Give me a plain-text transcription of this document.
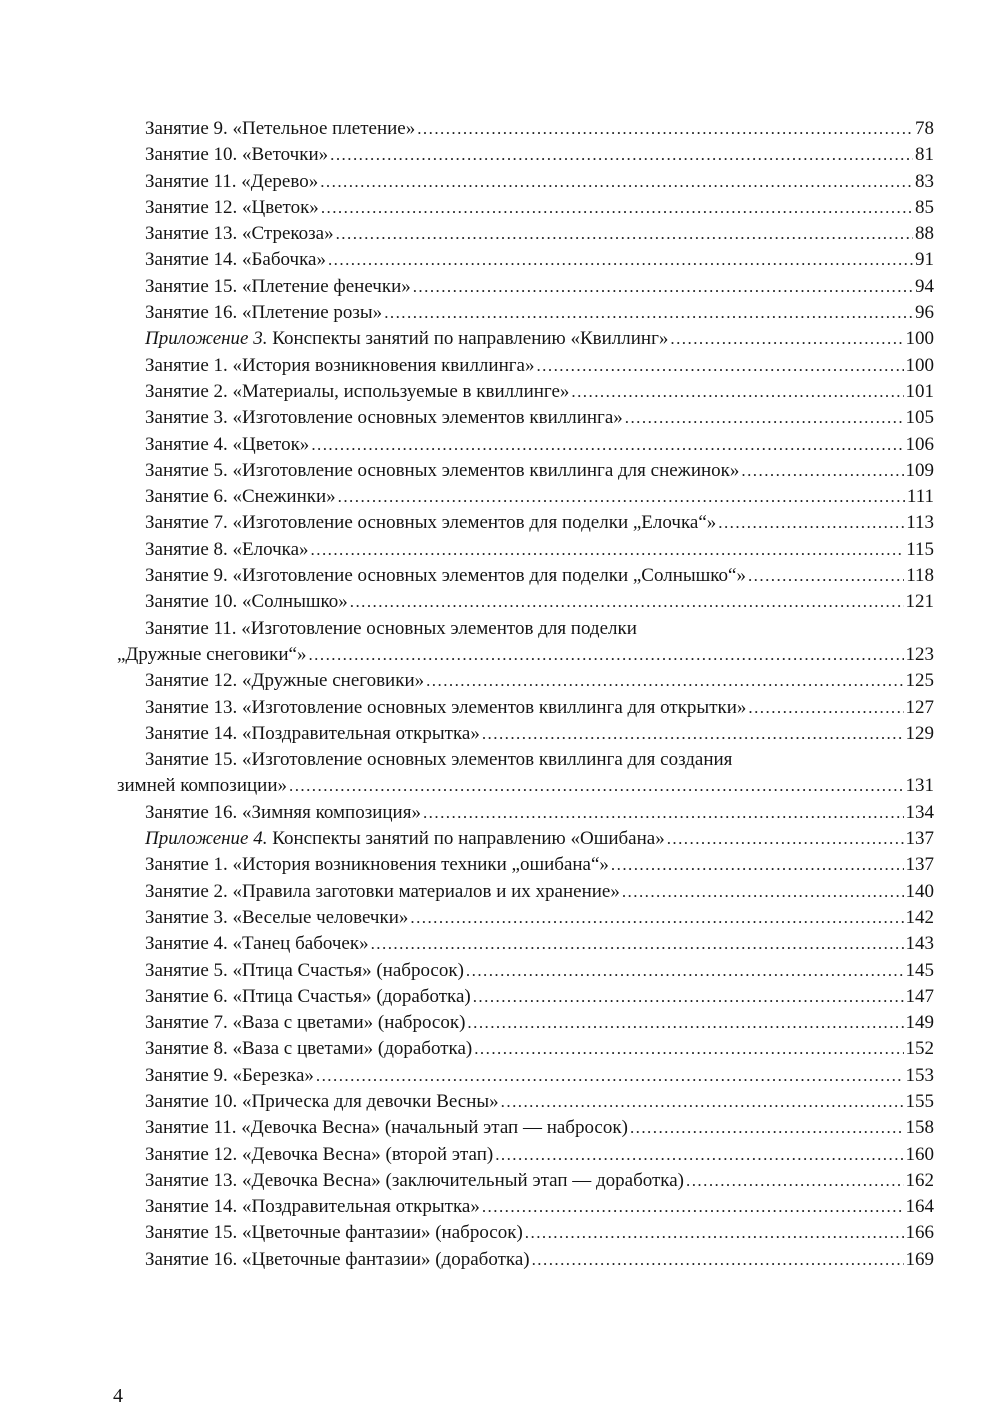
Занятие 9. «Петельное плетение» . . .	78
Занятие 10. «Веточки» . . .	81
Занятие 11. «Дерево» . . .	83
Занятие 12. «Цветок» . . .	85
Занятие 13. «Стрекоза» . . .	88
Занятие 14. «Бабочка» . . .	91
Занятие 15. «Плетение фенечки» . . .	94
Занятие 16. «Плетение розы» . . .	96
Приложение 3. Конспекты занятий по направлению «Квиллинг» . . .	100
Занятие 1. «История возникновения квиллинга» . . .	100
Занятие 2. «Материалы, используемые в квиллинге» . . .	101
Занятие 3. «Изготовление основных элементов квиллинга» . . .	105
Занятие 4. «Цветок» . . .	106
Занятие 5. «Изготовление основных элементов квиллинга для снежинок» . . .	109
Занятие 6. «Снежинки» . . .	111
Занятие 7. «Изготовление основных элементов для поделки „Елочка“» . . .	113
Занятие 8. «Елочка» . . .	115
Занятие 9. «Изготовление основных элементов для поделки „Солнышко“» . . .	118
Занятие 10. «Солнышко» . . .	121
Занятие 11. «Изготовление основных элементов для поделки
„Дружные снеговики“» . . .	123
Занятие 12. «Дружные снеговики» . . .	125
Занятие 13. «Изготовление основных элементов квиллинга для открытки» . . .	127
Занятие 14. «Поздравительная открытка» . . .	129
Занятие 15. «Изготовление основных элементов квиллинга для создания
зимней композиции» . . .	131
Занятие 16. «Зимняя композиция» . . .	134
Приложение 4. Конспекты занятий по направлению «Ошибана» . . .	137
Занятие 1. «История возникновения техники „ошибана“» . . .	137
Занятие 2. «Правила заготовки материалов и их хранение» . . .	140
Занятие 3. «Веселые человечки» . . .	142
Занятие 4. «Танец бабочек» . . .	143
Занятие 5. «Птица Счастья» (набросок) . . .	145
Занятие 6. «Птица Счастья» (доработка) . . .	147
Занятие 7. «Ваза с цветами» (набросок) . . .	149
Занятие 8. «Ваза с цветами» (доработка) . . .	152
Занятие 9. «Березка» . . .	153
Занятие 10. «Прическа для девочки Весны» . . .	155
Занятие 11. «Девочка Весна» (начальный этап — набросок) . . .	158
Занятие 12. «Девочка Весна» (второй этап) . . .	160
Занятие 13. «Девочка Весна» (заключительный этап — доработка) . . .	162
Занятие 14. «Поздравительная открытка» . . .	164
Занятие 15. «Цветочные фантазии» (набросок) . . .	166
Занятие 16. «Цветочные фантазии» (доработка) . . .	169
4
